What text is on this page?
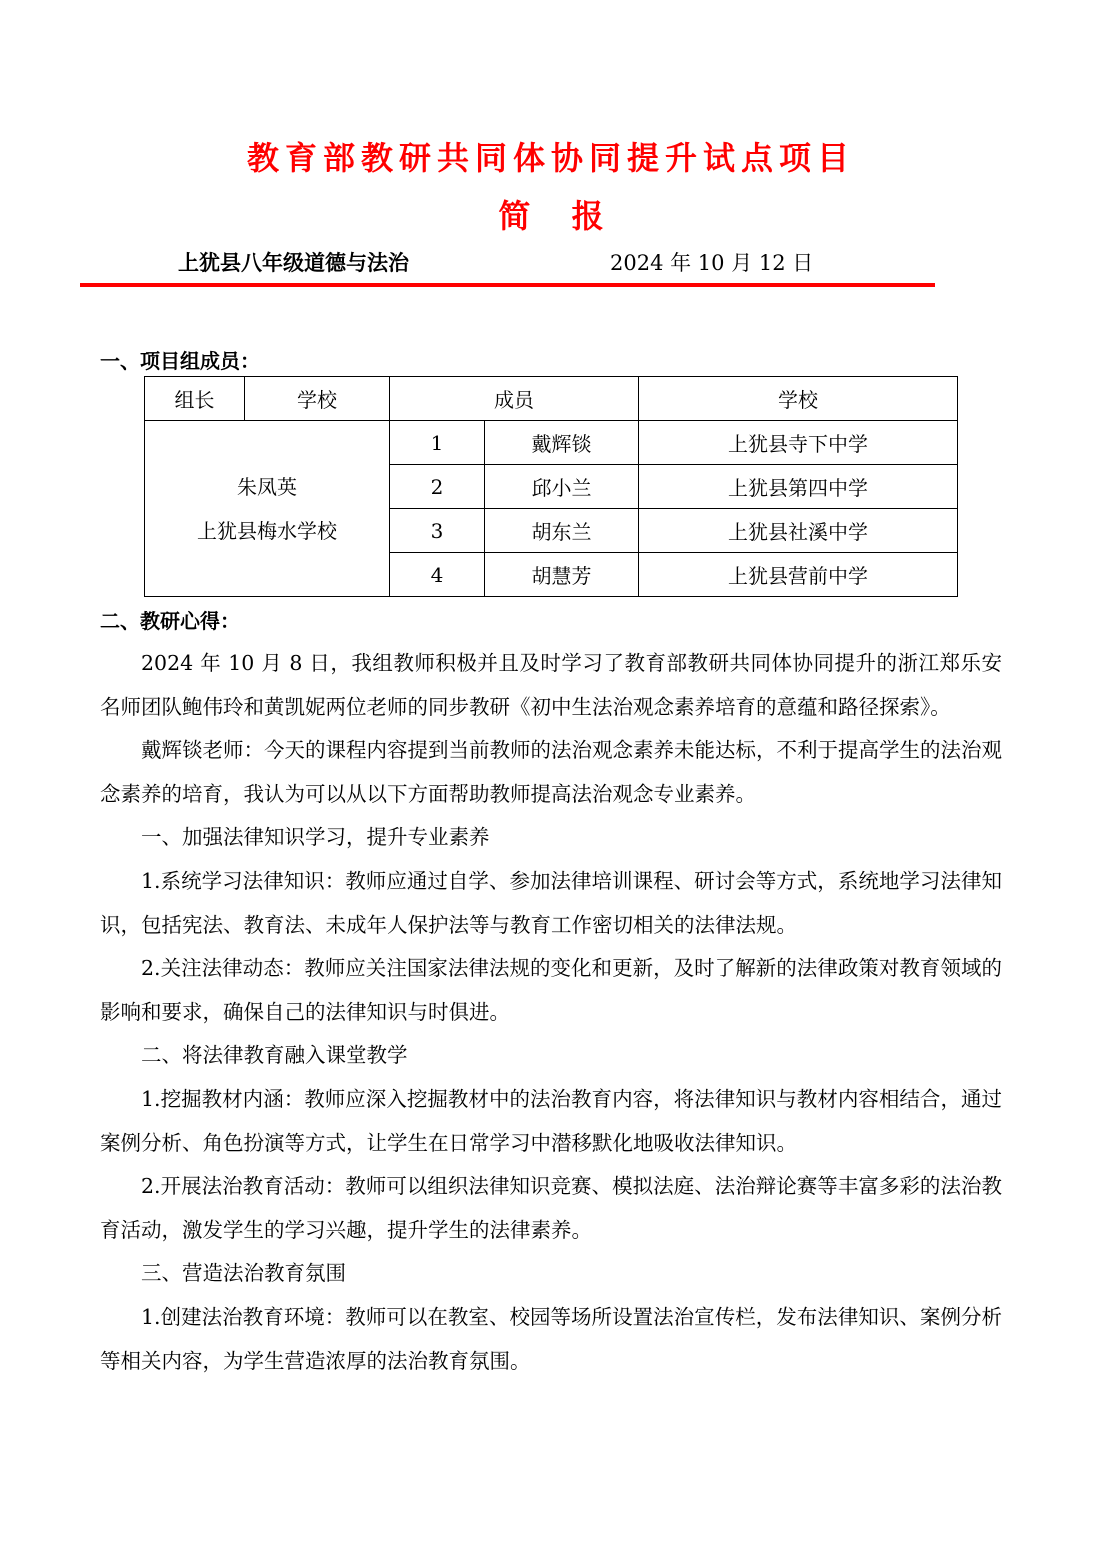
教育部教研共同体协同提升试点项目
简 报
上犹县八年级道德与法治	2024 年 10 月 12 日
一、项目组成员：
组长	学校	成员		学校

朱凤英
上犹县梅水学校		1	戴辉锬	上犹县寺下中学
		2	邱小兰	上犹县第四中学
		3	胡东兰	上犹县社溪中学
		4	胡慧芳	上犹县营前中学
二、教研心得：

2024 年 10 月 8 日，我组教师积极并且及时学习了教育部教研共同体协同提升的浙江郑乐安名师团队鲍伟玲和黄凯妮两位老师的同步教研《初中生法治观念素养培育的意蕴和路径探索》。

戴辉锬老师：今天的课程内容提到当前教师的法治观念素养未能达标，不利于提高学生的法治观念素养的培育，我认为可以从以下方面帮助教师提高法治观念专业素养。

一、加强法律知识学习，提升专业素养

1.系统学习法律知识：教师应通过自学、参加法律培训课程、研讨会等方式，系统地学习法律知识，包括宪法、教育法、未成年人保护法等与教育工作密切相关的法律法规。

2.关注法律动态：教师应关注国家法律法规的变化和更新，及时了解新的法律政策对教育领域的影响和要求，确保自己的法律知识与时俱进。

二、将法律教育融入课堂教学

1.挖掘教材内涵：教师应深入挖掘教材中的法治教育内容，将法律知识与教材内容相结合，通过案例分析、角色扮演等方式，让学生在日常学习中潜移默化地吸收法律知识。

2.开展法治教育活动：教师可以组织法律知识竞赛、模拟法庭、法治辩论赛等丰富多彩的法治教育活动，激发学生的学习兴趣，提升学生的法律素养。

三、营造法治教育氛围

1.创建法治教育环境：教师可以在教室、校园等场所设置法治宣传栏，发布法律知识、案例分析等相关内容，为学生营造浓厚的法治教育氛围。
